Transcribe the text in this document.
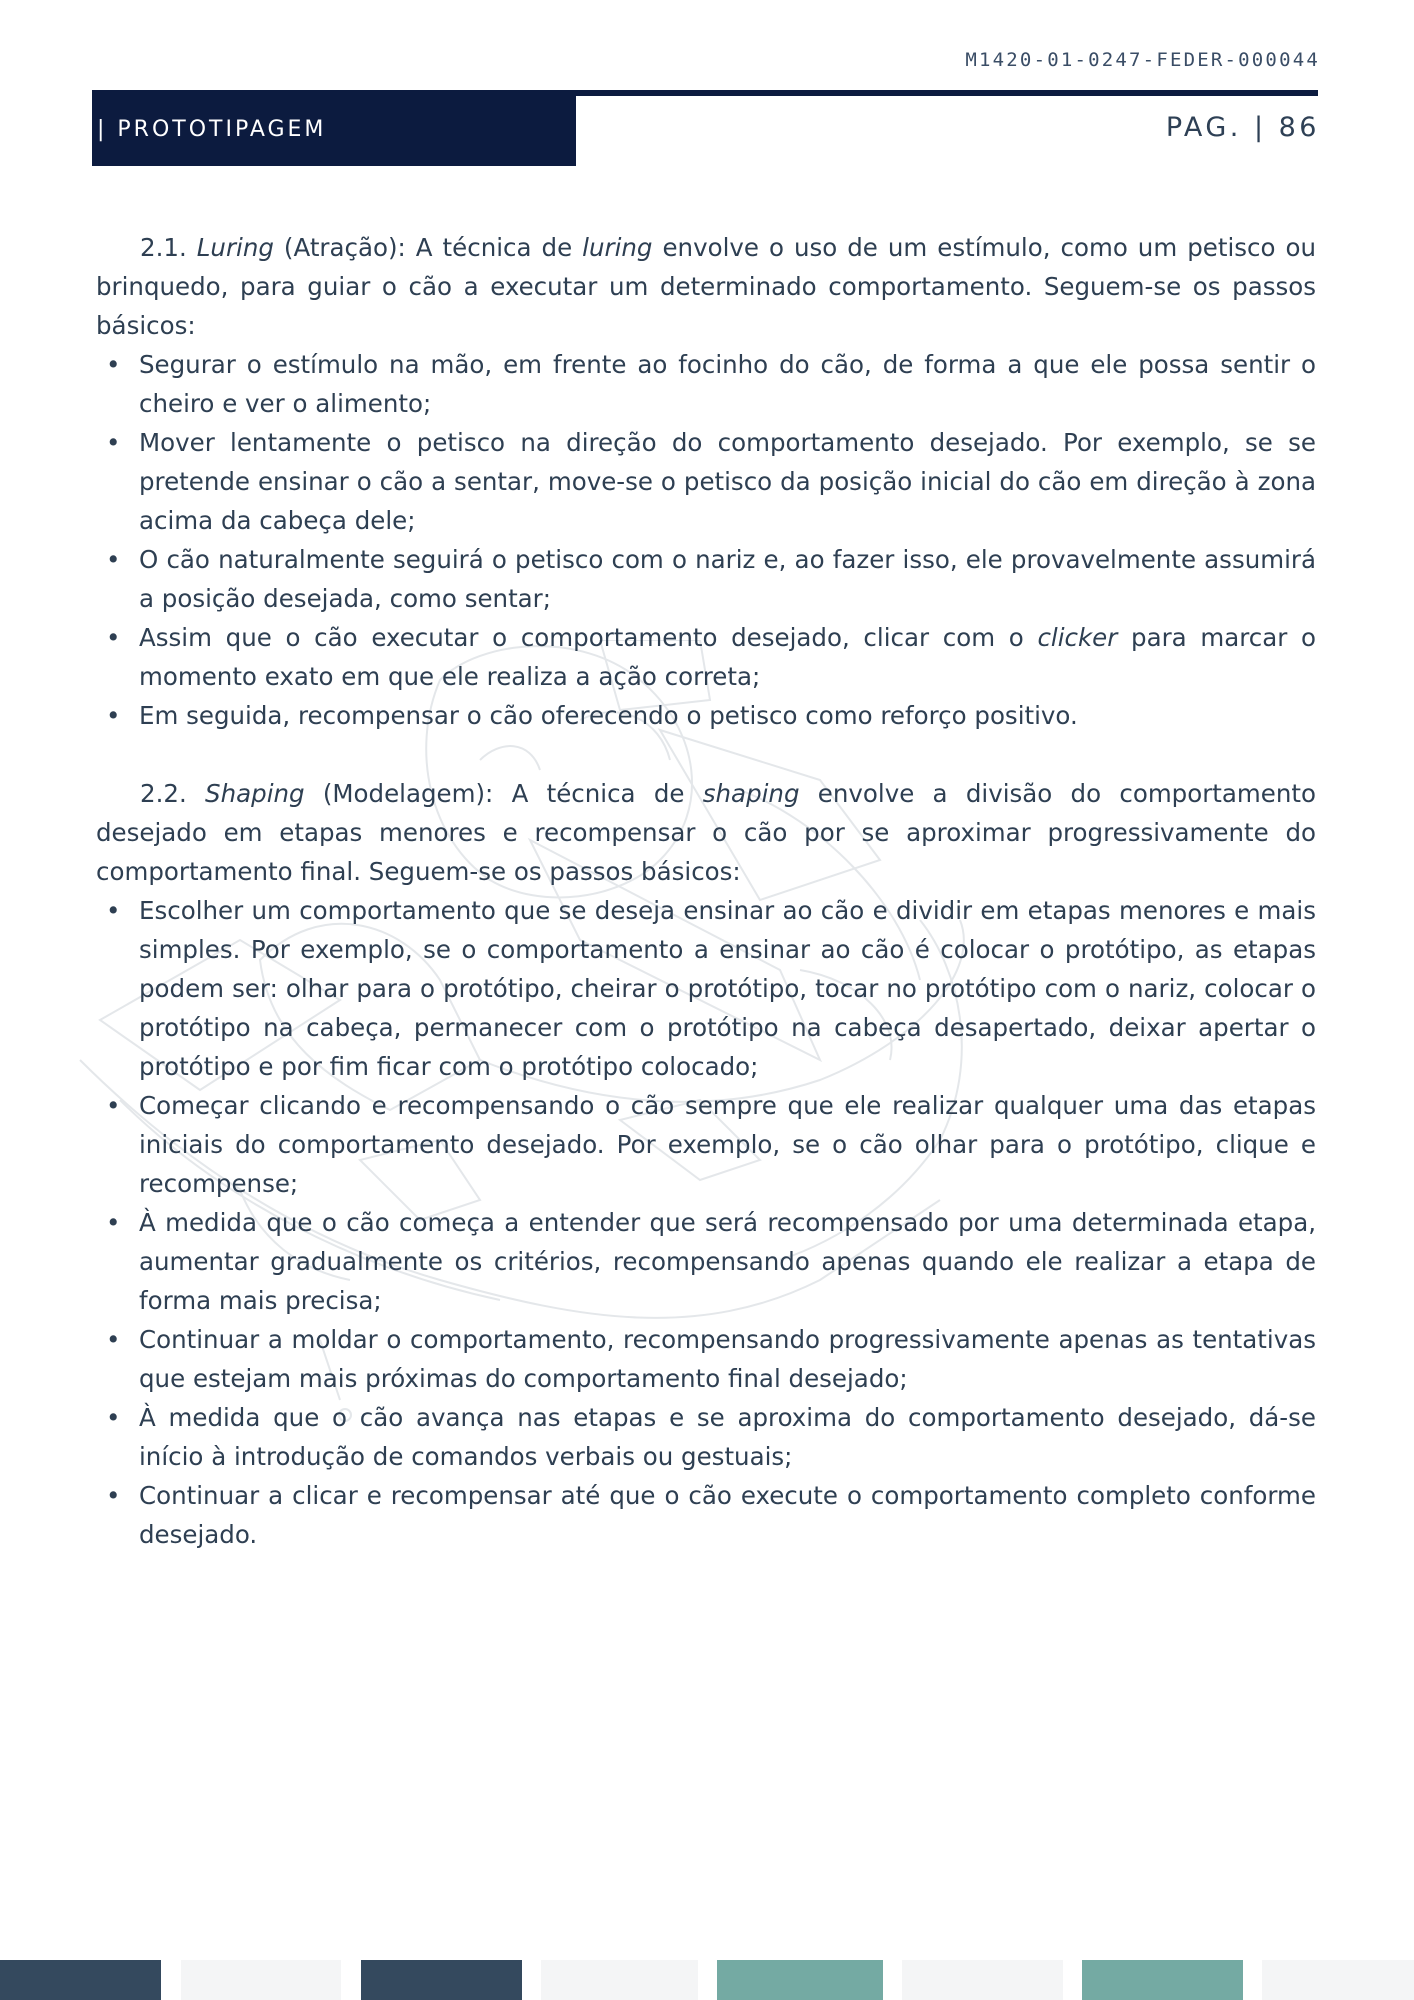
M1420-01-0247-FEDER-000044
| PROTOTIPAGEM	PAG. | 86

2.1. Luring (Atração): A técnica de luring envolve o uso de um estímulo, como um petisco ou brinquedo, para guiar o cão a executar um determinado comportamento. Seguem-se os passos básicos:

• Segurar o estímulo na mão, em frente ao focinho do cão, de forma a que ele possa sentir o cheiro e ver o alimento;
• Mover lentamente o petisco na direção do comportamento desejado. Por exemplo, se se pretende ensinar o cão a sentar, move-se o petisco da posição inicial do cão em direção à zona acima da cabeça dele;
• O cão naturalmente seguirá o petisco com o nariz e, ao fazer isso, ele provavelmente assumirá a posição desejada, como sentar;
• Assim que o cão executar o comportamento desejado, clicar com o clicker para marcar o momento exato em que ele realiza a ação correta;
• Em seguida, recompensar o cão oferecendo o petisco como reforço positivo.

2.2. Shaping (Modelagem): A técnica de shaping envolve a divisão do comportamento desejado em etapas menores e recompensar o cão por se aproximar progressivamente do comportamento final. Seguem-se os passos básicos:

• Escolher um comportamento que se deseja ensinar ao cão e dividir em etapas menores e mais simples. Por exemplo, se o comportamento a ensinar ao cão é colocar o protótipo, as etapas podem ser: olhar para o protótipo, cheirar o protótipo, tocar no protótipo com o nariz, colocar o protótipo na cabeça, permanecer com o protótipo na cabeça desapertado, deixar apertar o protótipo e por fim ficar com o protótipo colocado;
• Começar clicando e recompensando o cão sempre que ele realizar qualquer uma das etapas iniciais do comportamento desejado. Por exemplo, se o cão olhar para o protótipo, clique e recompense;
• À medida que o cão começa a entender que será recompensado por uma determinada etapa, aumentar gradualmente os critérios, recompensando apenas quando ele realizar a etapa de forma mais precisa;
• Continuar a moldar o comportamento, recompensando progressivamente apenas as tentativas que estejam mais próximas do comportamento final desejado;
• À medida que o cão avança nas etapas e se aproxima do comportamento desejado, dá-se início à introdução de comandos verbais ou gestuais;
• Continuar a clicar e recompensar até que o cão execute o comportamento completo conforme desejado.
